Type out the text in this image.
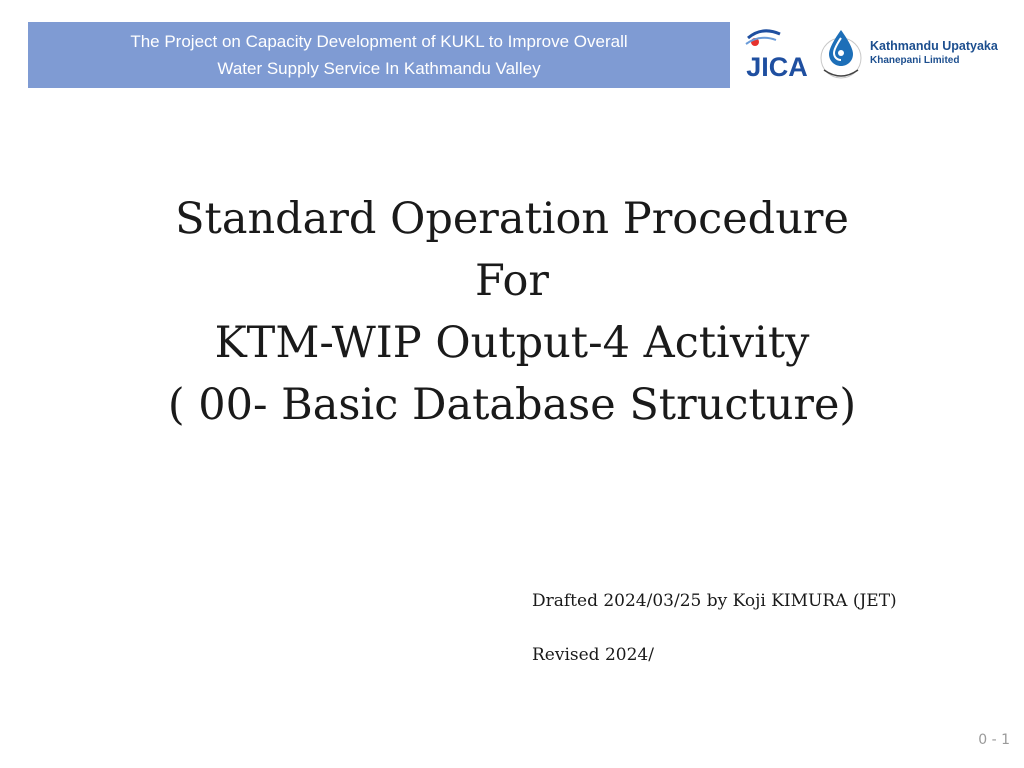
The Project on Capacity Development of KUKL to Improve Overall
Water Supply Service In Kathmandu Valley	JICA
Kathmandu Upatyaka
Khanepani Limited
Standard Operation Procedure
For
KTM-WIP Output-4 Activity
( 00- Basic Database Structure)
Drafted 2024/03/25 by Koji KIMURA (JET)
Revised 2024/
0 - 1
